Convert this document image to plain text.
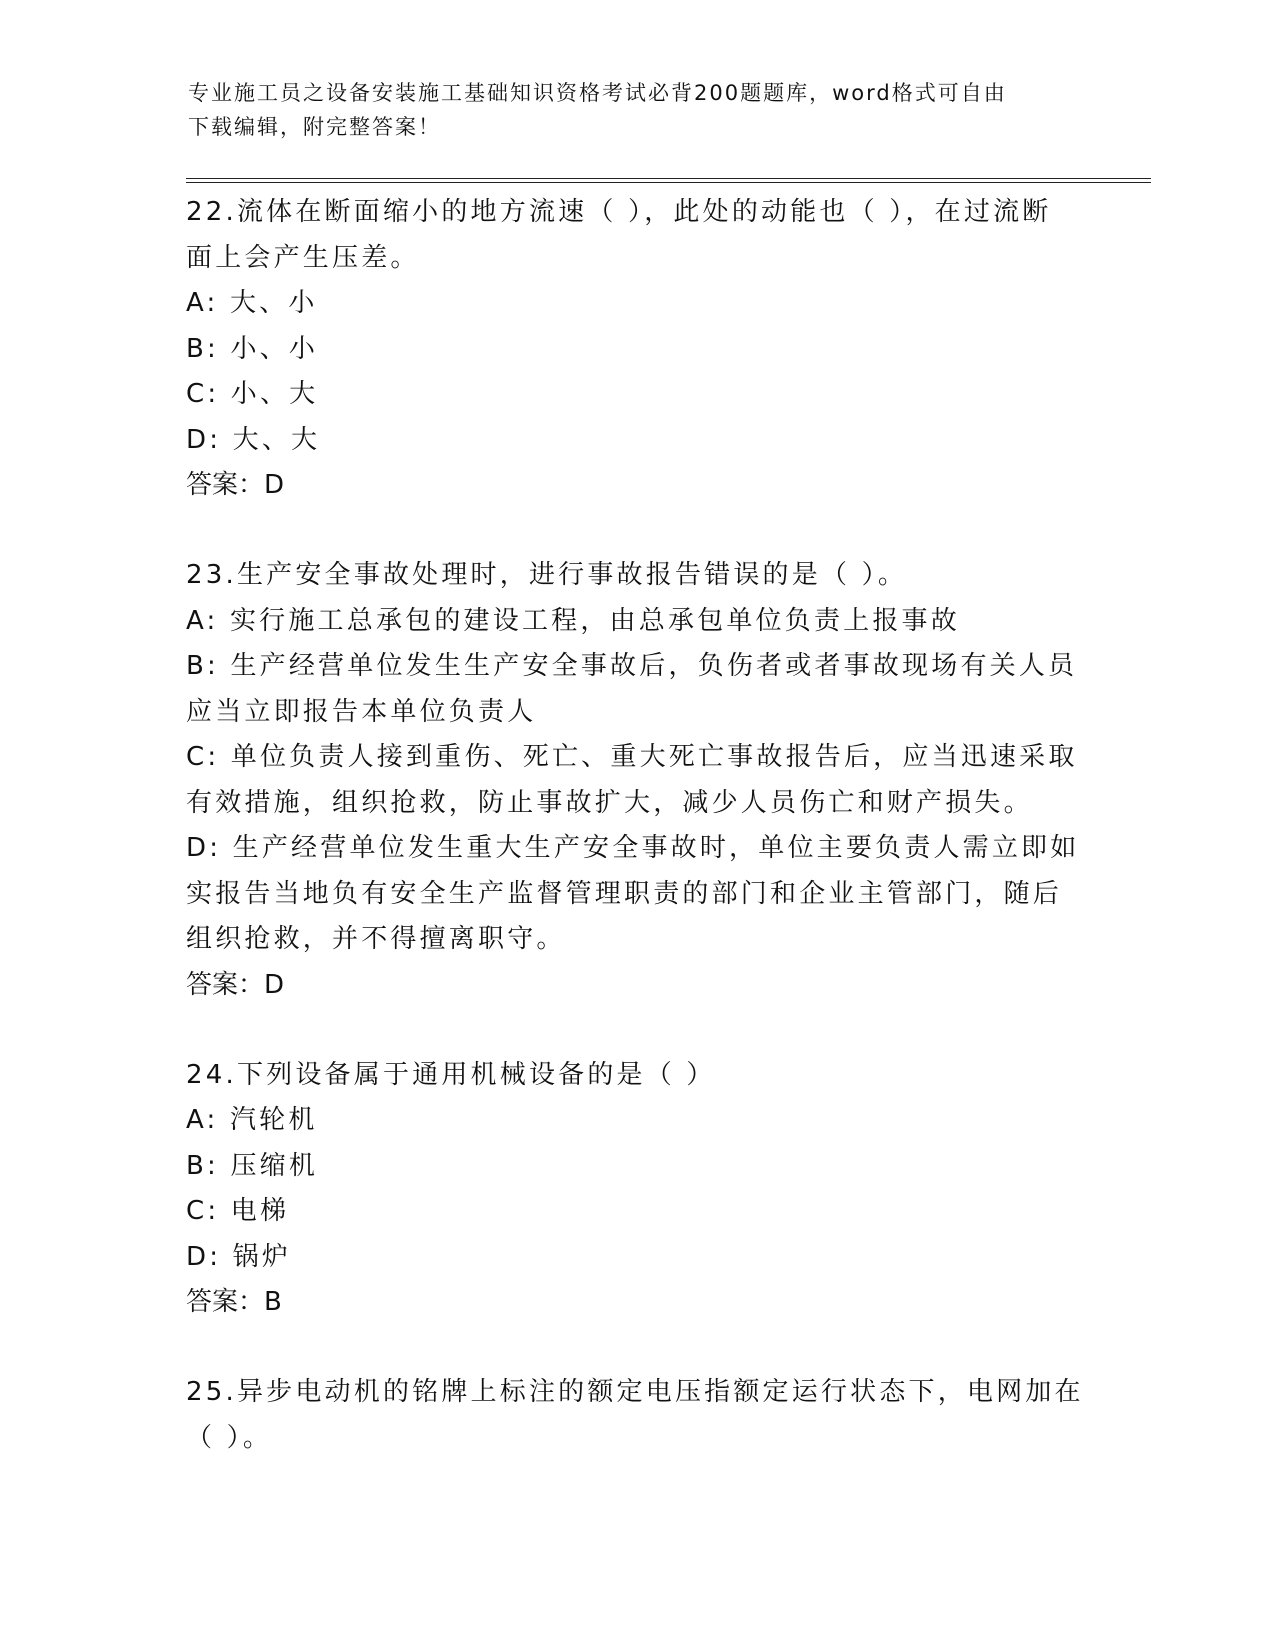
专业施工员之设备安装施工基础知识资格考试必背200题题库，word格式可自由
下载编辑，附完整答案！
22.流体在断面缩小的地方流速（ ），此处的动能也（ ），在过流断
面上会产生压差。
A: 大、小
B: 小、小
C: 小、大
D: 大、大
答案：D
23.生产安全事故处理时，进行事故报告错误的是（ ）。
A: 实行施工总承包的建设工程，由总承包单位负责上报事故
B: 生产经营单位发生生产安全事故后，负伤者或者事故现场有关人员
应当立即报告本单位负责人
C: 单位负责人接到重伤、死亡、重大死亡事故报告后，应当迅速采取
有效措施，组织抢救，防止事故扩大，减少人员伤亡和财产损失。
D: 生产经营单位发生重大生产安全事故时，单位主要负责人需立即如
实报告当地负有安全生产监督管理职责的部门和企业主管部门，随后
组织抢救，并不得擅离职守。
答案：D
24.下列设备属于通用机械设备的是（ ）
A: 汽轮机
B: 压缩机
C: 电梯
D: 锅炉
答案：B
25.异步电动机的铭牌上标注的额定电压指额定运行状态下，电网加在
（ ）。
